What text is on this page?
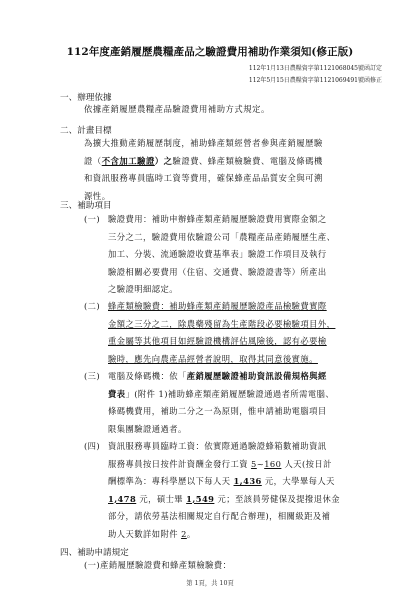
112年度產銷履歷農糧產品之驗證費用補助作業須知(修正版)
112年1月13日農糧資字第1121068045號函訂定
112年5月15日農糧資字第1121069491號函修正
一、辦理依據
依據產銷履歷農糧產品驗證費用補助方式規定。
二、計畫目標
為擴大推動產銷履歷制度，補助蜂產類經營者參與產銷履歷驗
證（不含加工驗證）之驗證費、蜂產類檢驗費、電腦及條碼機
和資訊服務專員臨時工資等費用，確保蜂產品品質安全與可溯
源性。
三、補助項目
(一) 驗證費用：補助申辦蜂產類產銷履歷驗證費用實際金額之
三分之二，驗證費用依驗證公司「農糧產品產銷履歷生產、
加工、分裝、流通驗證收費基準表」驗證工作項目及執行
驗證相關必要費用（住宿、交通費、驗證證書等）所產出
之驗證明細認定。
(二) 蜂產類檢驗費：補助蜂產類產銷履歷驗證產品檢驗費實際
金額之三分之二，除農藥殘留為生產階段必要檢驗項目外，
重金屬等其他項目如經驗證機構評估風險後，認有必要檢
驗時，應先向農產品經營者說明，取得其同意後實施。
(三) 電腦及條碼機：依「產銷履歷驗證補助資訊設備規格與經
費表」(附件 1)補助蜂產類產銷履歷驗證通過者所需電腦、
條碼機費用，補助二分之一為原則，惟申請補助電腦項目
限集團驗證通過者。
(四) 資訊服務專員臨時工資：依實際通過驗證蜂箱數補助資訊
服務專員按日按件計資酬金發行工資 5~160 人天(按日計
酬標準為：專科學歷以下每人天 1,436 元，大學畢每人天
1,478 元，碩士畢 1,549 元；至該員勞健保及提撥退休金
部分，請依勞基法相關規定自行配合辦理)，相關級距及補
助人天數詳如附件 2。
四、補助申請規定
(一)產銷履歷驗證費和蜂產類檢驗費：
第 1頁，共 10頁
